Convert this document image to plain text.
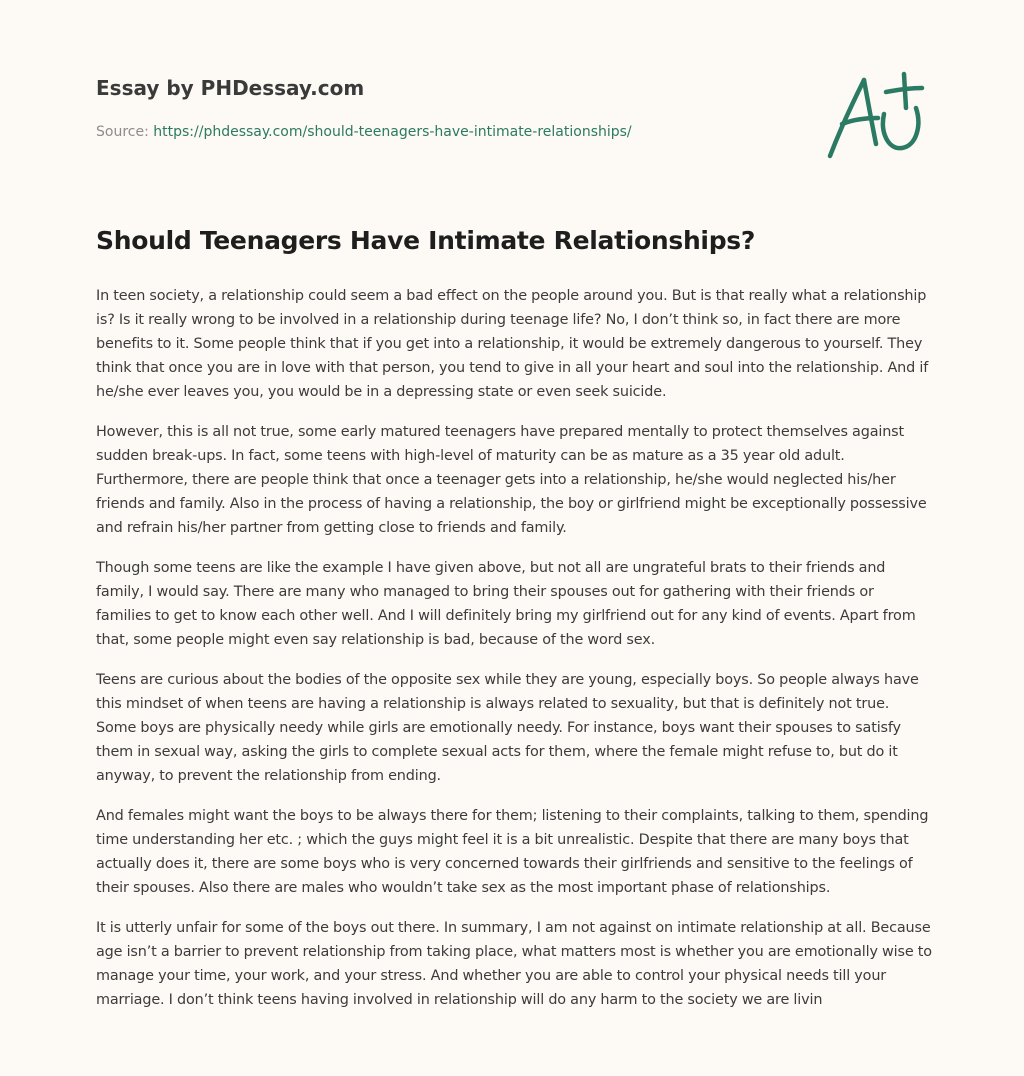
Essay by PHDessay.com
Source: https://phdessay.com/should-teenagers-have-intimate-relationships/
Should Teenagers Have Intimate Relationships?

In teen society, a relationship could seem a bad effect on the people around you. But is that really what a relationship is? Is it really wrong to be involved in a relationship during teenage life? No, I don’t think so, in fact there are more benefits to it. Some people think that if you get into a relationship, it would be extremely dangerous to yourself. They think that once you are in love with that person, you tend to give in all your heart and soul into the relationship. And if he/she ever leaves you, you would be in a depressing state or even seek suicide.

However, this is all not true, some early matured teenagers have prepared mentally to protect themselves against sudden break-ups. In fact, some teens with high-level of maturity can be as mature as a 35 year old adult. Furthermore, there are people think that once a teenager gets into a relationship, he/she would neglected his/her friends and family. Also in the process of having a relationship, the boy or girlfriend might be exceptionally possessive and refrain his/her partner from getting close to friends and family.

Though some teens are like the example I have given above, but not all are ungrateful brats to their friends and family, I would say. There are many who managed to bring their spouses out for gathering with their friends or families to get to know each other well. And I will definitely bring my girlfriend out for any kind of events. Apart from that, some people might even say relationship is bad, because of the word sex.

Teens are curious about the bodies of the opposite sex while they are young, especially boys. So people always have this mindset of when teens are having a relationship is always related to sexuality, but that is definitely not true. Some boys are physically needy while girls are emotionally needy. For instance, boys want their spouses to satisfy them in sexual way, asking the girls to complete sexual acts for them, where the female might refuse to, but do it anyway, to prevent the relationship from ending.

And females might want the boys to be always there for them; listening to their complaints, talking to them, spending time understanding her etc. ; which the guys might feel it is a bit unrealistic. Despite that there are many boys that actually does it, there are some boys who is very concerned towards their girlfriends and sensitive to the feelings of their spouses. Also there are males who wouldn’t take sex as the most important phase of relationships.

It is utterly unfair for some of the boys out there. In summary, I am not against on intimate relationship at all. Because age isn’t a barrier to prevent relationship from taking place, what matters most is whether you are emotionally wise to manage your time, your work, and your stress. And whether you are able to control your physical needs till your marriage. I don’t think teens having involved in relationship will do any harm to the society we are livin
